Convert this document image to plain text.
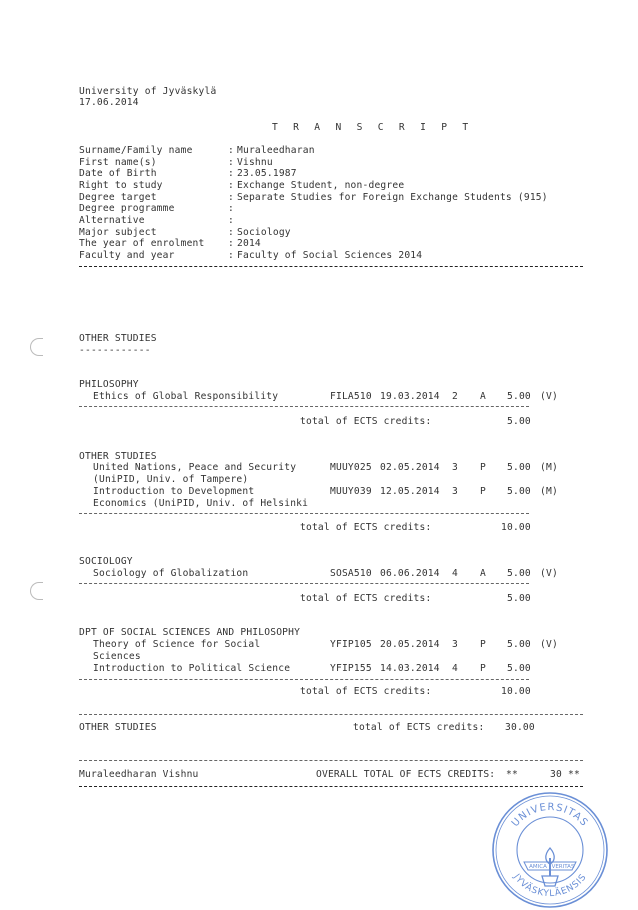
University of Jyväskylä
17.06.2014
T R A N S C R I P T
Surname/Family name	: Muraleedharan
First name(s)	: Vishnu
Date of Birth	: 23.05.1987
Right to study	: Exchange Student, non-degree
Degree target	: Separate Studies for Foreign Exchange Students (915)
Degree programme	:
Alternative	:
Major subject	: Sociology
The year of enrolment : 2014
Faculty and year	: Faculty of Social Sciences 2014
OTHER STUDIES
------------
PHILOSOPHY
Ethics of Global Responsibility	FILA510 19.03.2014 2 A 5.00 (V)
total of ECTS credits:	5.00
OTHER STUDIES
United Nations, Peace and Security	MUUY025 02.05.2014 3 P 5.00 (M)
(UniPID, Univ. of Tampere)
Introduction to Development	MUUY039 12.05.2014 3 P 5.00 (M)
Economics (UniPID, Univ. of Helsinki
total of ECTS credits:	10.00
SOCIOLOGY
Sociology of Globalization	SOSA510 06.06.2014 4 A 5.00 (V)
total of ECTS credits:	5.00
DPT OF SOCIAL SCIENCES AND PHILOSOPHY
Theory of Science for Social	YFIP105 20.05.2014 3 P 5.00 (V)
Sciences
Introduction to Political Science	YFIP155 14.03.2014 4 P 5.00
total of ECTS credits:	10.00
OTHER STUDIES	total of ECTS credits: 30.00
Muraleedharan Vishnu	OVERALL TOTAL OF ECTS CREDITS: **	30 **
UNIVERSITAS
JYVÄSKYLÄENSIS
AMICA VERITAS
